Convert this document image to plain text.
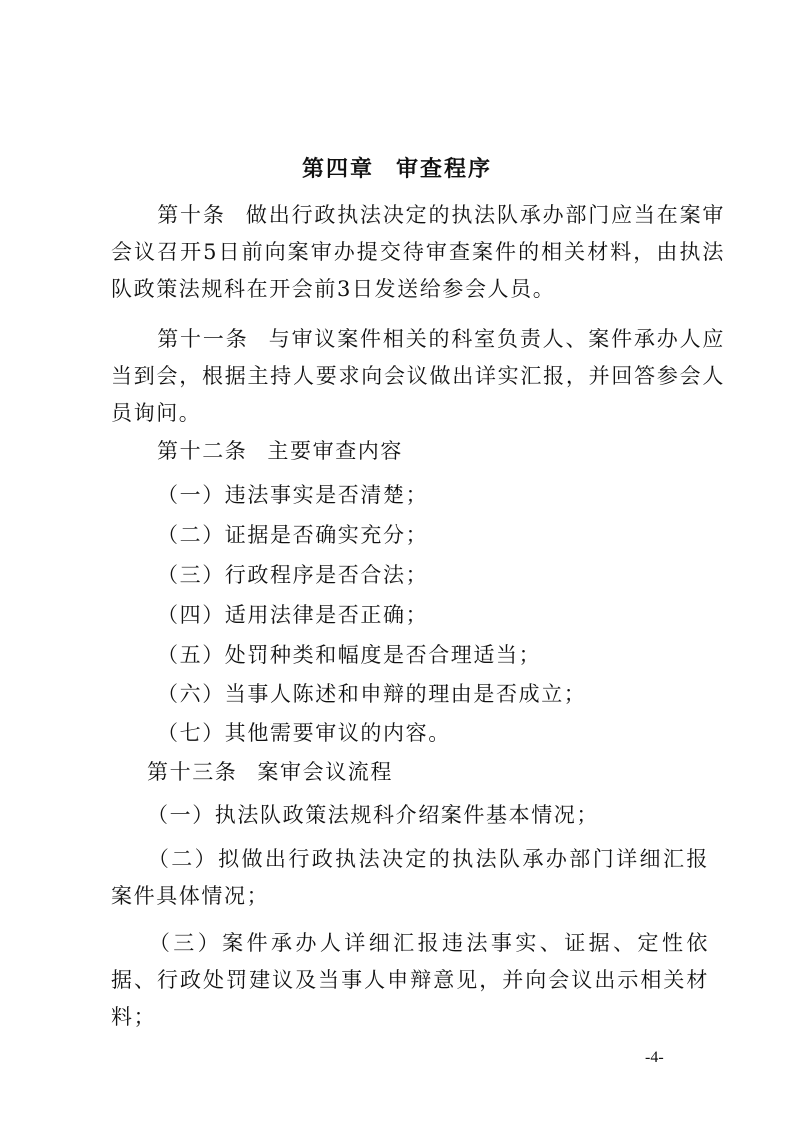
第四章 审查程序
第十条 做出行政执法决定的执法队承办部门应当在案审会议召开5日前向案审办提交待审查案件的相关材料，由执法队政策法规科在开会前3日发送给参会人员。
第十一条 与审议案件相关的科室负责人、案件承办人应当到会，根据主持人要求向会议做出详实汇报，并回答参会人员询问。
第十二条 主要审查内容
（一）违法事实是否清楚；
（二）证据是否确实充分；
（三）行政程序是否合法；
（四）适用法律是否正确；
（五）处罚种类和幅度是否合理适当；
（六）当事人陈述和申辩的理由是否成立；
（七）其他需要审议的内容。
第十三条 案审会议流程
（一）执法队政策法规科介绍案件基本情况；
（二）拟做出行政执法决定的执法队承办部门详细汇报案件具体情况；
（三）案件承办人详细汇报违法事实、证据、定性依据、行政处罚建议及当事人申辩意见，并向会议出示相关材料；
-4-
